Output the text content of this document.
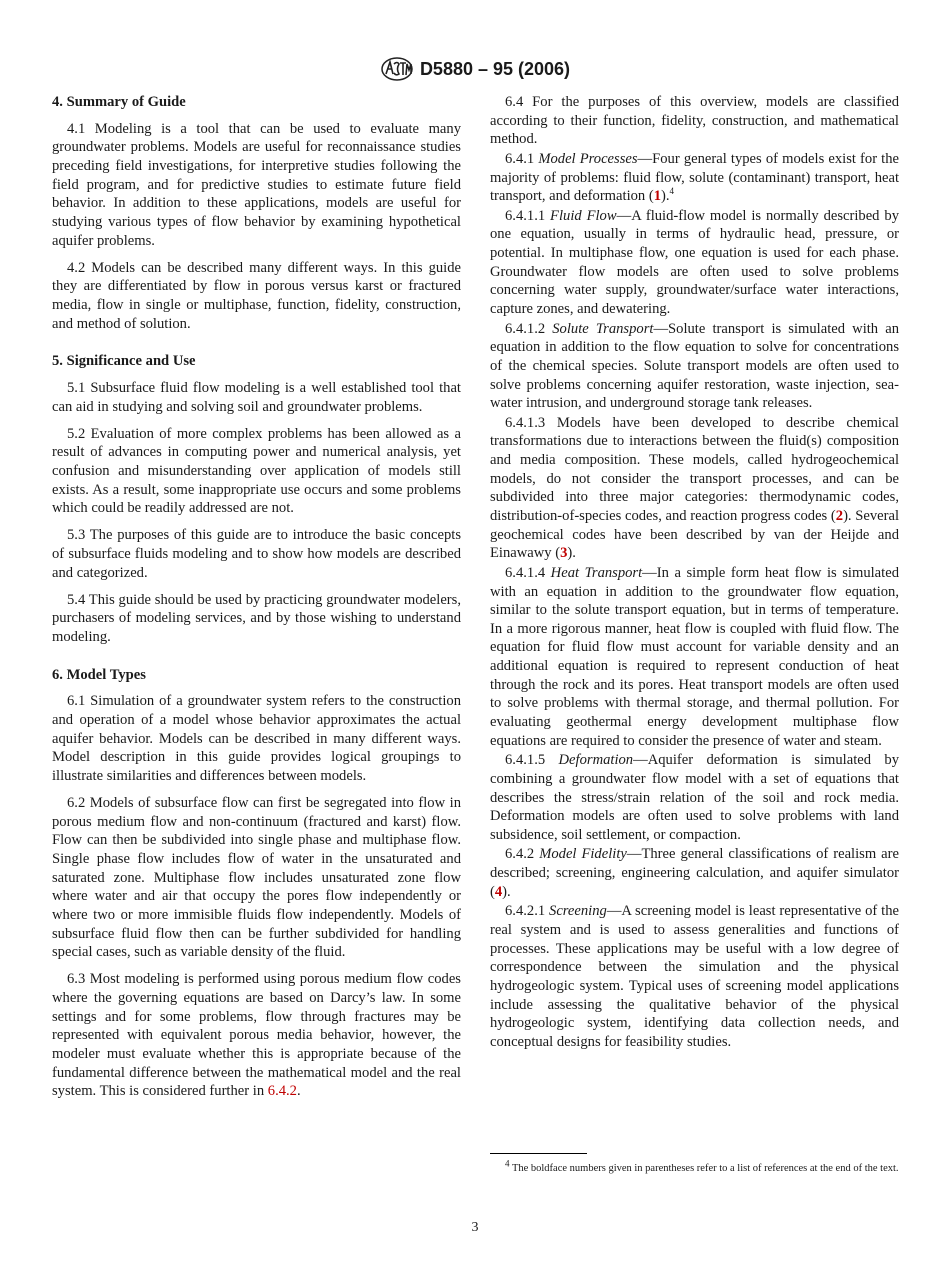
D5880 – 95 (2006)
4. Summary of Guide

4.1 Modeling is a tool that can be used to evaluate many groundwater problems. Models are useful for reconnaissance studies preceding field investigations, for interpretive studies following the field program, and for predictive studies to estimate future field behavior. In addition to these applications, models are useful for studying various types of flow behavior by examining hypothetical aquifer problems.

4.2 Models can be described many different ways. In this guide they are differentiated by flow in porous versus karst or fractured media, flow in single or multiphase, function, fidelity, construction, and method of solution.

5. Significance and Use

5.1 Subsurface fluid flow modeling is a well established tool that can aid in studying and solving soil and groundwater problems.

5.2 Evaluation of more complex problems has been allowed as a result of advances in computing power and numerical analysis, yet confusion and misunderstanding over application of models still exists. As a result, some inappropriate use occurs and some problems which could be readily addressed are not.

5.3 The purposes of this guide are to introduce the basic concepts of subsurface fluids modeling and to show how models are described and categorized.

5.4 This guide should be used by practicing groundwater modelers, purchasers of modeling services, and by those wishing to understand modeling.

6. Model Types

6.1 Simulation of a groundwater system refers to the construction and operation of a model whose behavior approximates the actual aquifer behavior. Models can be described in many different ways. Model description in this guide provides logical groupings to illustrate similarities and differences between models.

6.2 Models of subsurface flow can first be segregated into flow in porous medium flow and non-continuum (fractured and karst) flow. Flow can then be subdivided into single phase and multiphase flow. Single phase flow includes flow of water in the unsaturated and saturated zone. Multiphase flow includes unsaturated zone flow where water and air that occupy the pores flow independently or where two or more immisible fluids flow independently. Models of subsurface fluid flow then can be further subdivided for handling special cases, such as variable density of the fluid.

6.3 Most modeling is performed using porous medium flow codes where the governing equations are based on Darcy’s law. In some settings and for some problems, flow through fractures may be represented with equivalent porous media behavior, however, the modeler must evaluate whether this is appropriate because of the fundamental difference between the mathematical model and the real system. This is considered further in 6.4.2.

6.4 For the purposes of this overview, models are classified according to their function, fidelity, construction, and mathematical method.

6.4.1 Model Processes—Four general types of models exist for the majority of problems: fluid flow, solute (contaminant) transport, heat transport, and deformation (1).$^4$

6.4.1.1 Fluid Flow—A fluid-flow model is normally described by one equation, usually in terms of hydraulic head, pressure, or potential. In multiphase flow, one equation is used for each phase. Groundwater flow models are often used to solve problems concerning water supply, groundwater/surface water interactions, capture zones, and dewatering.

6.4.1.2 Solute Transport—Solute transport is simulated with an equation in addition to the flow equation to solve for concentrations of the chemical species. Solute transport models are often used to solve problems concerning aquifer restoration, waste injection, sea-water intrusion, and underground storage tank releases.

6.4.1.3 Models have been developed to describe chemical transformations due to interactions between the fluid(s) composition and media composition. These models, called hydrogeochemical models, do not consider the transport processes, and can be subdivided into three major categories: thermodynamic codes, distribution-of-species codes, and reaction progress codes (2). Several geochemical codes have been described by van der Heijde and Einawawy (3).

6.4.1.4 Heat Transport—In a simple form heat flow is simulated with an equation in addition to the groundwater flow equation, similar to the solute transport equation, but in terms of temperature. In a more rigorous manner, heat flow is coupled with fluid flow. The equation for fluid flow must account for variable density and an additional equation is required to represent conduction of heat through the rock and its pores. Heat transport models are often used to solve problems with thermal storage, and thermal pollution. For evaluating geothermal energy development multiphase flow equations are required to consider the presence of water and steam.

6.4.1.5 Deformation—Aquifer deformation is simulated by combining a groundwater flow model with a set of equations that describes the stress/strain relation of the soil and rock media. Deformation models are often used to solve problems with land subsidence, soil settlement, or compaction.

6.4.2 Model Fidelity—Three general classifications of realism are described; screening, engineering calculation, and aquifer simulator (4).

6.4.2.1 Screening—A screening model is least representative of the real system and is used to assess generalities and functions of processes. These applications may be useful with a low degree of correspondence between the simulation and the physical hydrogeologic system. Typical uses of screening model applications include assessing the qualitative behavior of the physical hydrogeologic system, identifying data collection needs, and conceptual designs for feasibility studies.

$^4$ The boldface numbers given in parentheses refer to a list of references at the end of the text.
3
